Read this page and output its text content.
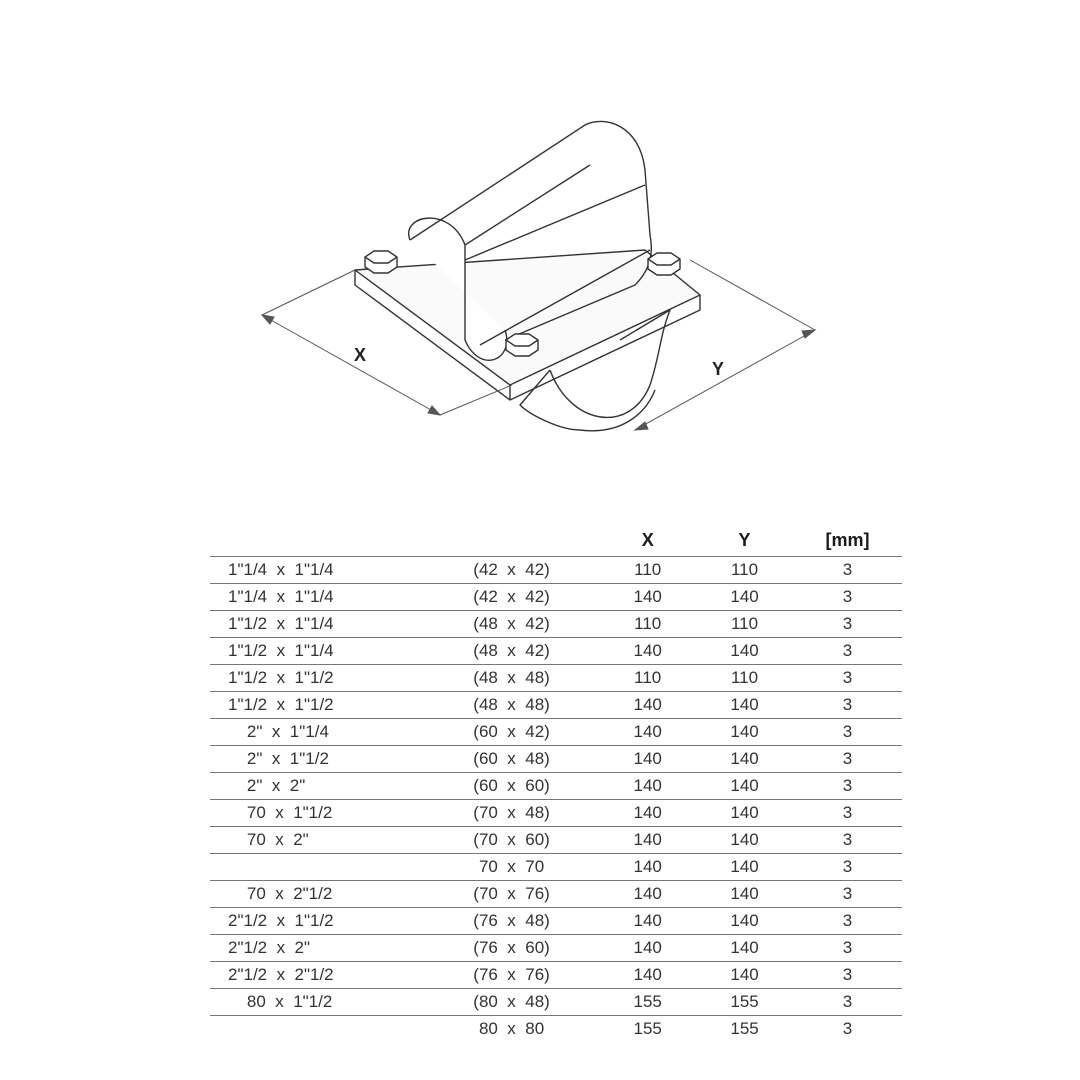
X
Y
		X	Y	[mm]
1"1/4  x  1"1/4	(42  x  42)	110	110	3
1"1/4  x  1"1/4	(42  x  42)	140	140	3
1"1/2  x  1"1/4	(48  x  42)	110	110	3
1"1/2  x  1"1/4	(48  x  42)	140	140	3
1"1/2  x  1"1/2	(48  x  48)	110	110	3
1"1/2  x  1"1/2	(48  x  48)	140	140	3
2"  x  1"1/4	(60  x  42)	140	140	3
2"  x  1"1/2	(60  x  48)	140	140	3
2"  x  2"	(60  x  60)	140	140	3
70  x  1"1/2	(70  x  48)	140	140	3
70  x  2"	(70  x  60)	140	140	3
	70  x  70	140	140	3
70  x  2"1/2	(70  x  76)	140	140	3
2"1/2  x  1"1/2	(76  x  48)	140	140	3
2"1/2  x  2"	(76  x  60)	140	140	3
2"1/2  x  2"1/2	(76  x  76)	140	140	3
80  x  1"1/2	(80  x  48)	155	155	3
	80  x  80	155	155	3
